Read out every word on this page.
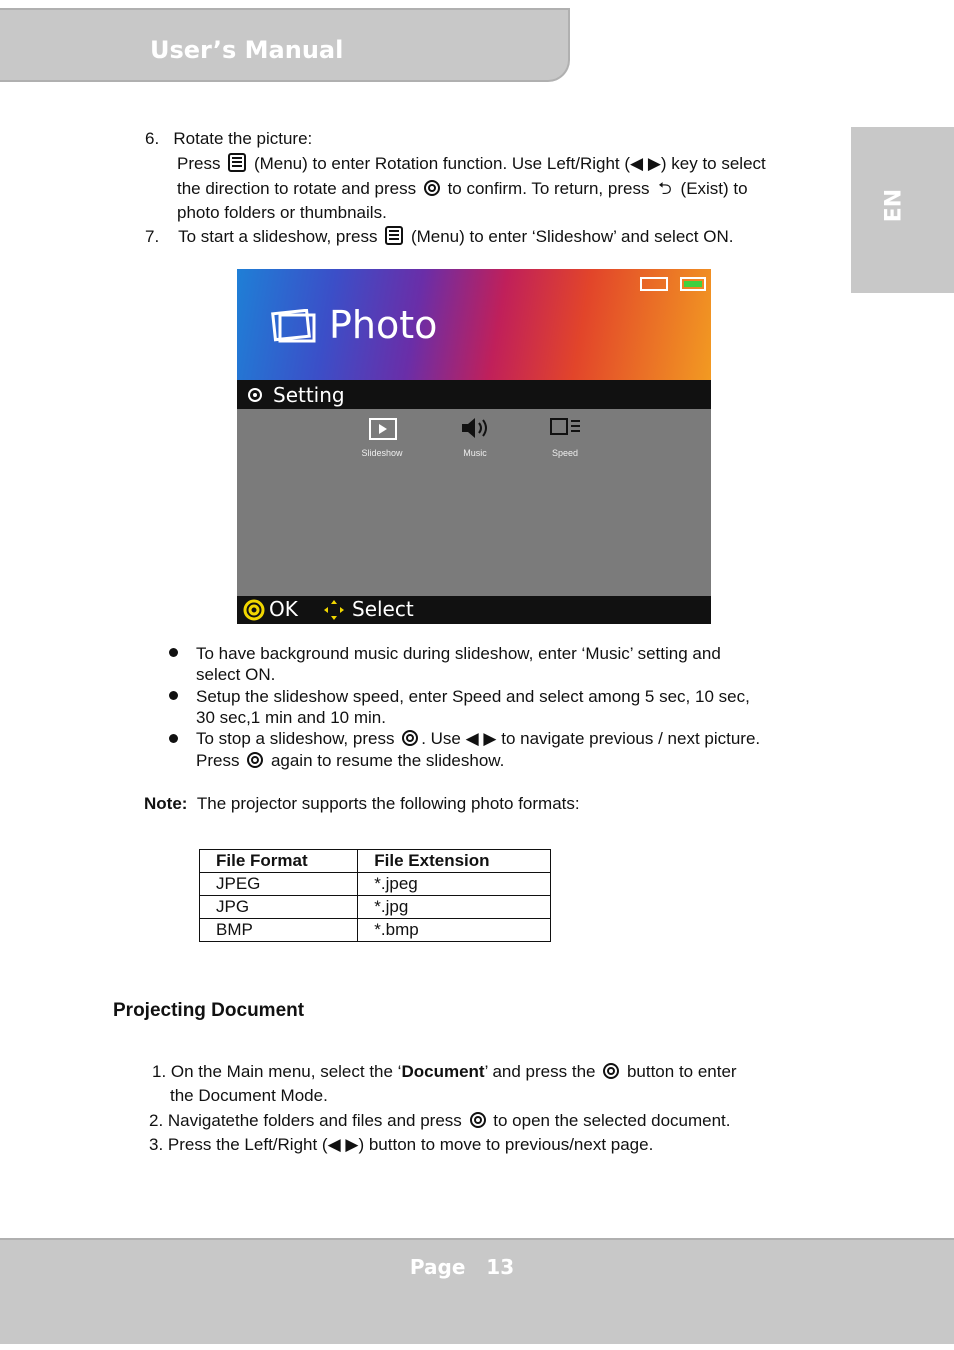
User’s Manual
EN
6. Rotate the picture:
Press (Menu) to enter Rotation function. Use Left/Right (◀ ▶) key to select
the direction to rotate and press to confirm. To return, press ⮌ (Exist) to
photo folders or thumbnails.
7. To start a slideshow, press (Menu) to enter ‘Slideshow’ and select ON.
Photo
Setting
Slideshow	Music	Speed
OK	Select
To have background music during slideshow, enter ‘Music’ setting and
select ON.
Setup the slideshow speed, enter Speed and select among 5 sec, 10 sec,
30 sec,1 min and 10 min.
To stop a slideshow, press . Use ◀ ▶ to navigate previous / next picture.
Press again to resume the slideshow.
Note: The projector supports the following photo formats:
File Format	File Extension
JPEG	*.jpeg
JPG	*.jpg
BMP	*.bmp
Projecting Document
1. On the Main menu, select the ‘Document’ and press the button to enter
the Document Mode.
2. Navigatethe folders and files and press to open the selected document.
3. Press the Left/Right (◀ ▶) button to move to previous/next page.
Page   13
